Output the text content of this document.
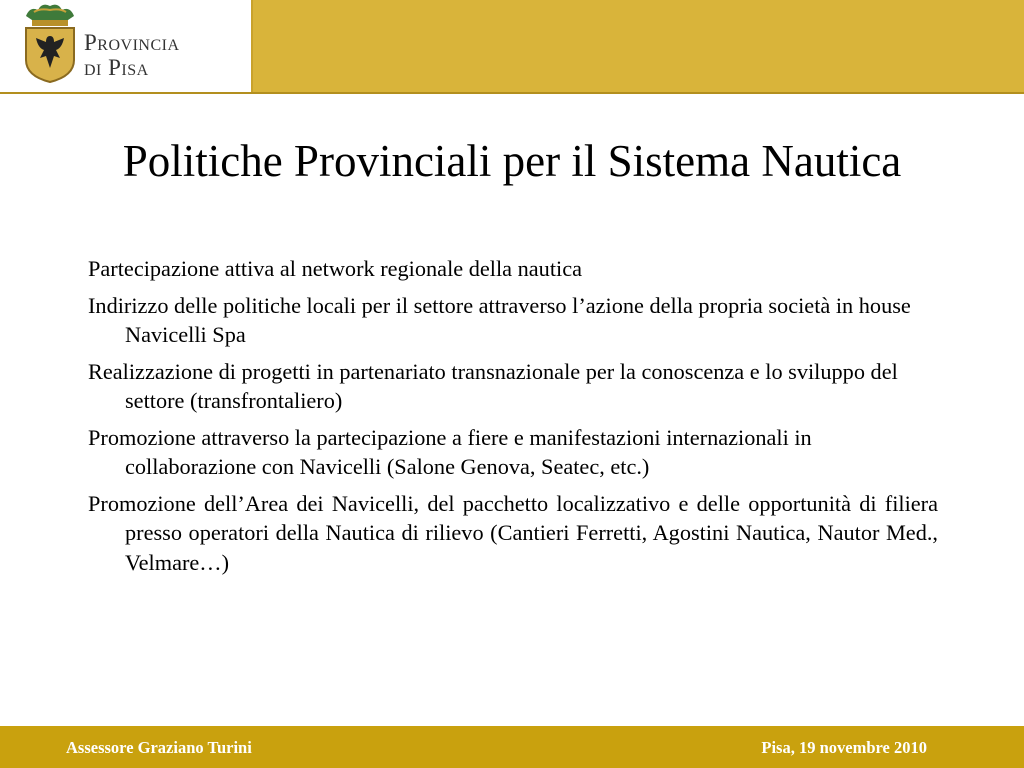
Provincia
di Pisa
Politiche Provinciali per il Sistema Nautica

Partecipazione attiva al network regionale della nautica

Indirizzo delle politiche locali per il settore attraverso l’azione della propria società in house Navicelli Spa

Realizzazione di progetti in partenariato transnazionale per la conoscenza e lo sviluppo del settore (transfrontaliero)

Promozione attraverso la partecipazione a fiere e manifestazioni internazionali in collaborazione con Navicelli (Salone Genova, Seatec, etc.)

Promozione dell’Area dei Navicelli, del pacchetto localizzativo e delle opportunità di filiera presso operatori della Nautica di rilievo (Cantieri Ferretti, Agostini Nautica, Nautor Med., Velmare…)

Assessore Graziano Turini	Pisa, 19 novembre 2010
